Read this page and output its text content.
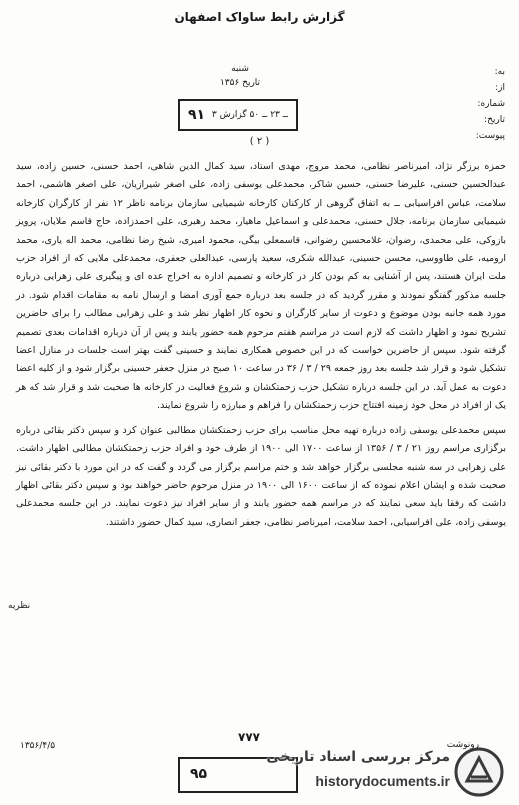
گزارش رابط ساواک اصفهان
به:
از:
شماره:
تاریخ:
پیوست:
شنبه
تاریخ ۱۳۵۶
۹۱ ۳ ــ ۲۳ ــ ۵۰ گزارش
( ۲ )

حمزه برزگر نژاد، امیرناصر نظامی، محمد مروج، مهدی استاد، سید کمال الدین شاهی، احمد حسنی، حسین زاده، سید عبدالحسین حسنی، علیرضا حسنی، حسین شاکر، محمدعلی یوسفی زاده، علی اصغر شیرازیان، علی اصغر هاشمی، احمد سلامت، عباس افراسیابی ــ به اتفاق گروهی از کارکنان کارخانه شیمیایی سازمان برنامه ناظر ۱۲ نفر از کارگران کارخانه شیمیایی سازمان برنامه، جلال حسنی، محمدعلی و اسماعیل ماهیار، محمد رهبری، علی احمدزاده، حاج قاسم ملایان، پرویز بازوکی، علی محمدی، رضوان، غلامحسین رضوانی، قاسمعلی بیگی، محمود امیری، شیخ رضا نظامی، محمد اله یاری، محمد ارومیه، علی طاووسی، محسن حسینی، عبدالله شکری، سعید پارسی، عبدالعلی جعفری، محمدعلی ملایی که از افراد حزب ملت ایران هستند، پس از آشنایی به کم بودن کار در کارخانه و تصمیم اداره به اخراج عده ای و پیگیری علی زهرایی درباره جلسه مذکور گفتگو نمودند و مقرر گردید که در جلسه بعد درباره جمع آوری امضا و ارسال نامه به مقامات اقدام شود. در مورد همه جانبه بودن موضوع و دعوت از سایر کارگران و نحوه کار اظهار نظر شد و علی زهرایی مطالب را برای حاضرین تشریح نمود و اظهار داشت که لازم است در مراسم هفتم مرحوم همه حضور یابند و پس از آن درباره اقدامات بعدی تصمیم گرفته شود. سپس از حاضرین خواست که در این خصوص همکاری نمایند و حسینی گفت بهتر است جلسات در منازل اعضا تشکیل شود و قرار شد جلسه بعد روز جمعه ۲۹ / ۳ / ۳۶ در ساعت ۱۰ صبح در منزل جعفر حسینی برگزار شود و از کلیه اعضا دعوت به عمل آید. در این جلسه درباره تشکیل حزب زحمتکشان و شروع فعالیت در کارخانه ها صحبت شد و قرار شد که هر یک از افراد در محل خود زمینه افتتاح حزب زحمتکشان را فراهم و مبارزه را شروع نمایند.

سپس محمدعلی یوسفی زاده درباره تهیه محل مناسب برای حزب زحمتکشان مطالبی عنوان کرد و سپس دکتر بقائی درباره برگزاری مراسم روز ۲۱ / ۳ / ۱۳۵۶ از ساعت ۱۷۰۰ الی ۱۹۰۰ از طرف خود و افراد حزب زحمتکشان مطالبی اظهار داشت. علی زهرایی در سه شنبه مجلسی برگزار خواهد شد و ختم مراسم برگزار می گردد و گفت که در این مورد با دکتر بقائی نیز صحبت شده و ایشان اعلام نموده که از ساعت ۱۶۰۰ الی ۱۹۰۰ در منزل مرحوم حاضر خواهند بود و سپس دکتر بقائی اظهار داشت که رفقا باید سعی نمایند که در مراسم همه حضور یابند و از سایر افراد نیز دعوت نمایند. در این جلسه محمدعلی یوسفی زاده، علی افراسیابی، احمد سلامت، امیرناصر نظامی، جعفر انصاری، سید کمال حضور داشتند.

نظریه
۱۳۵۶/۴/۵
۷۷۷
۹۵
رونوشت
مرکز بررسی اسناد تاریخی
historydocuments.ir
